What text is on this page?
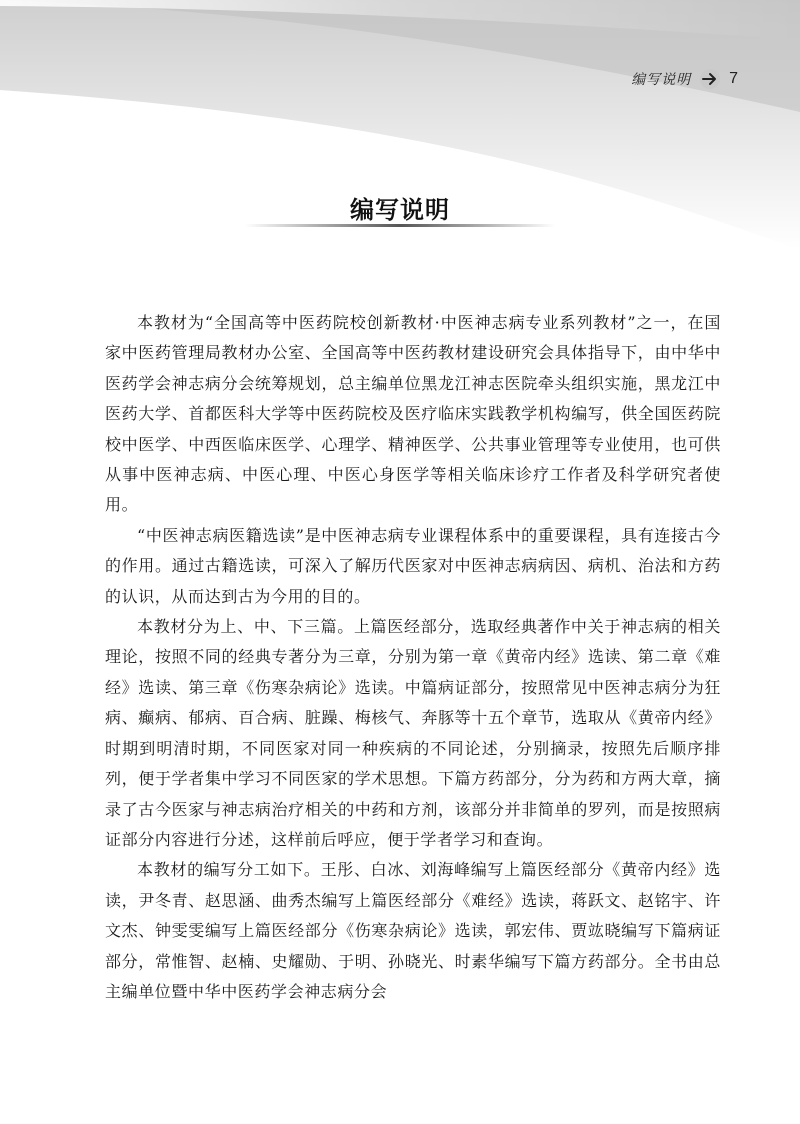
编写说明 7
编写说明

本教材为“全国高等中医药院校创新教材·中医神志病专业系列教材”之一，在国家中医药管理局教材办公室、全国高等中医药教材建设研究会具体指导下，由中华中医药学会神志病分会统筹规划，总主编单位黑龙江神志医院牵头组织实施，黑龙江中医药大学、首都医科大学等中医药院校及医疗临床实践教学机构编写，供全国医药院校中医学、中西医临床医学、心理学、精神医学、公共事业管理等专业使用，也可供从事中医神志病、中医心理、中医心身医学等相关临床诊疗工作者及科学研究者使用。

“中医神志病医籍选读”是中医神志病专业课程体系中的重要课程，具有连接古今的作用。通过古籍选读，可深入了解历代医家对中医神志病病因、病机、治法和方药的认识，从而达到古为今用的目的。

本教材分为上、中、下三篇。上篇医经部分，选取经典著作中关于神志病的相关理论，按照不同的经典专著分为三章，分别为第一章《黄帝内经》选读、第二章《难经》选读、第三章《伤寒杂病论》选读。中篇病证部分，按照常见中医神志病分为狂病、癫病、郁病、百合病、脏躁、梅核气、奔豚等十五个章节，选取从《黄帝内经》时期到明清时期，不同医家对同一种疾病的不同论述，分别摘录，按照先后顺序排列，便于学者集中学习不同医家的学术思想。下篇方药部分，分为药和方两大章，摘录了古今医家与神志病治疗相关的中药和方剂，该部分并非简单的罗列，而是按照病证部分内容进行分述，这样前后呼应，便于学者学习和查询。

本教材的编写分工如下。王彤、白冰、刘海峰编写上篇医经部分《黄帝内经》选读，尹冬青、赵思涵、曲秀杰编写上篇医经部分《难经》选读，蒋跃文、赵铭宇、许文杰、钟雯雯编写上篇医经部分《伤寒杂病论》选读，郭宏伟、贾竑晓编写下篇病证部分，常惟智、赵楠、史耀勋、于明、孙晓光、时素华编写下篇方药部分。全书由总主编单位暨中华中医药学会神志病分会
